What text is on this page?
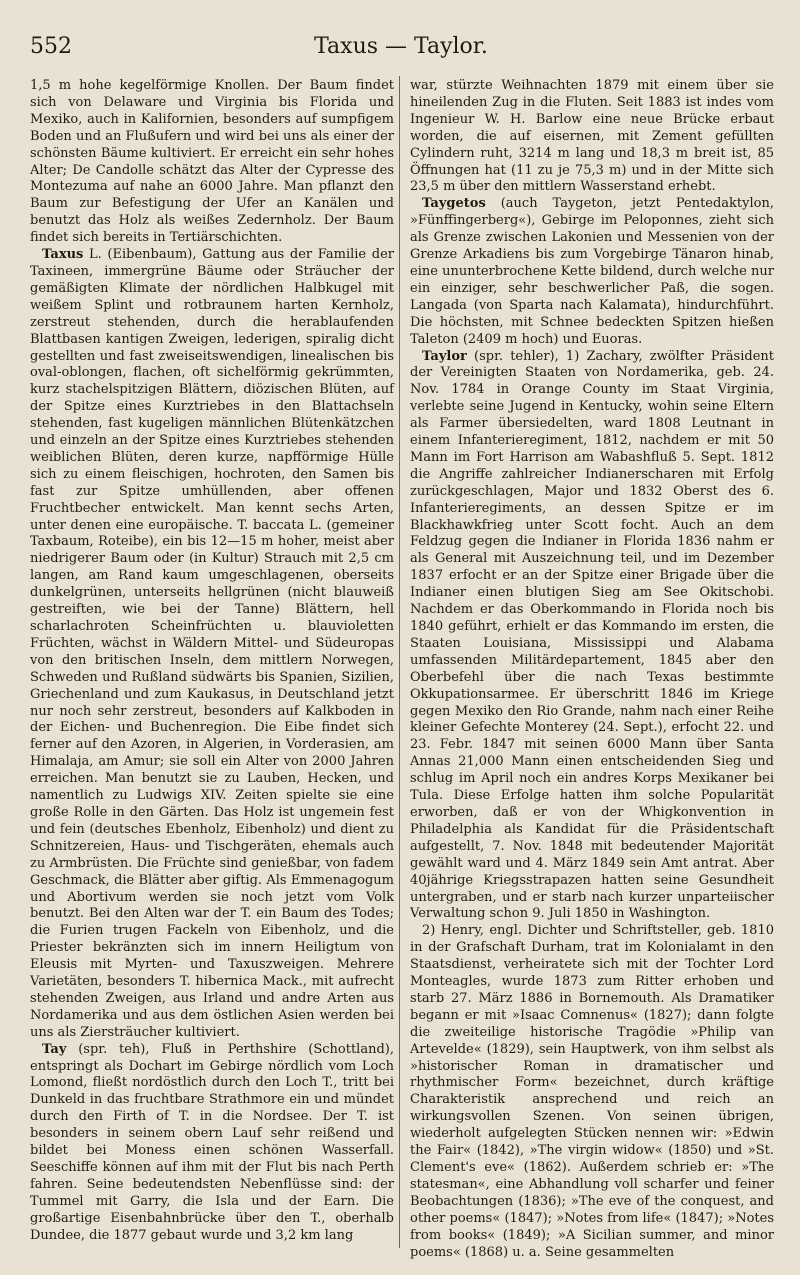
552	Taxus — Taylor.

1,5 m hohe kegelförmige Knollen. Der Baum findet sich von Delaware und Virginia bis Florida und Mexiko, auch in Kalifornien, besonders auf sumpfigem Boden und an Flußufern und wird bei uns als einer der schönsten Bäume kultiviert. Er erreicht ein sehr hohes Alter; De Candolle schätzt das Alter der Cypresse des Montezuma auf nahe an 6000 Jahre. Man pflanzt den Baum zur Befestigung der Ufer an Kanälen und benutzt das Holz als weißes Zedernholz. Der Baum findet sich bereits in Tertiärschichten.

Taxus L. (Eibenbaum), Gattung aus der Familie der Taxineen, immergrüne Bäume oder Sträucher der gemäßigten Klimate der nördlichen Halbkugel mit weißem Splint und rotbraunem harten Kernholz, zerstreut stehenden, durch die herablaufenden Blattbasen kantigen Zweigen, lederigen, spiralig dicht gestellten und fast zweiseitswendigen, linealischen bis oval-oblongen, flachen, oft sichelförmig gekrümmten, kurz stachelspitzigen Blättern, diözischen Blüten, auf der Spitze eines Kurztriebes in den Blattachseln stehenden, fast kugeligen männlichen Blütenkätzchen und einzeln an der Spitze eines Kurztriebes stehenden weiblichen Blüten, deren kurze, napfförmige Hülle sich zu einem fleischigen, hochroten, den Samen bis fast zur Spitze umhüllenden, aber offenen Fruchtbecher entwickelt. Man kennt sechs Arten, unter denen eine europäische. T. baccata L. (gemeiner Taxbaum, Roteibe), ein bis 12—15 m hoher, meist aber niedrigerer Baum oder (in Kultur) Strauch mit 2,5 cm langen, am Rand kaum umgeschlagenen, oberseits dunkelgrünen, unterseits hellgrünen (nicht blauweiß gestreiften, wie bei der Tanne) Blättern, hell scharlachroten Scheinfrüchten u. blauvioletten Früchten, wächst in Wäldern Mittel- und Südeuropas von den britischen Inseln, dem mittlern Norwegen, Schweden und Rußland südwärts bis Spanien, Sizilien, Griechenland und zum Kaukasus, in Deutschland jetzt nur noch sehr zerstreut, besonders auf Kalkboden in der Eichen- und Buchenregion. Die Eibe findet sich ferner auf den Azoren, in Algerien, in Vorderasien, am Himalaja, am Amur; sie soll ein Alter von 2000 Jahren erreichen. Man benutzt sie zu Lauben, Hecken, und namentlich zu Ludwigs XIV. Zeiten spielte sie eine große Rolle in den Gärten. Das Holz ist ungemein fest und fein (deutsches Ebenholz, Eibenholz) und dient zu Schnitzereien, Haus- und Tischgeräten, ehemals auch zu Armbrüsten. Die Früchte sind genießbar, von fadem Geschmack, die Blätter aber giftig. Als Emmenagogum und Abortivum werden sie noch jetzt vom Volk benutzt. Bei den Alten war der T. ein Baum des Todes; die Furien trugen Fackeln von Eibenholz, und die Priester bekränzten sich im innern Heiligtum von Eleusis mit Myrten- und Taxuszweigen. Mehrere Varietäten, besonders T. hibernica Mack., mit aufrecht stehenden Zweigen, aus Irland und andre Arten aus Nordamerika und aus dem östlichen Asien werden bei uns als Ziersträucher kultiviert.

Tay (spr. teh), Fluß in Perthshire (Schottland), entspringt als Dochart im Gebirge nördlich vom Loch Lomond, fließt nordöstlich durch den Loch T., tritt bei Dunkeld in das fruchtbare Strathmore ein und mündet durch den Firth of T. in die Nordsee. Der T. ist besonders in seinem obern Lauf sehr reißend und bildet bei Moness einen schönen Wasserfall. Seeschiffe können auf ihm mit der Flut bis nach Perth fahren. Seine bedeutendsten Nebenflüsse sind: der Tummel mit Garry, die Isla und der Earn. Die großartige Eisenbahnbrücke über den T., oberhalb Dundee, die 1877 gebaut wurde und 3,2 km lang

war, stürzte Weihnachten 1879 mit einem über sie hineilenden Zug in die Fluten. Seit 1883 ist indes vom Ingenieur W. H. Barlow eine neue Brücke erbaut worden, die auf eisernen, mit Zement gefüllten Cylindern ruht, 3214 m lang und 18,3 m breit ist, 85 Öffnungen hat (11 zu je 75,3 m) und in der Mitte sich 23,5 m über den mittlern Wasserstand erhebt.

Taygetos (auch Taygeton, jetzt Pentedaktylon, »Fünffingerberg«), Gebirge im Peloponnes, zieht sich als Grenze zwischen Lakonien und Messenien von der Grenze Arkadiens bis zum Vorgebirge Tänaron hinab, eine ununterbrochene Kette bildend, durch welche nur ein einziger, sehr beschwerlicher Paß, die sogen. Langada (von Sparta nach Kalamata), hindurchführt. Die höchsten, mit Schnee bedeckten Spitzen hießen Taleton (2409 m hoch) und Euoras.

Taylor (spr. tehler), 1) Zachary, zwölfter Präsident der Vereinigten Staaten von Nordamerika, geb. 24. Nov. 1784 in Orange County im Staat Virginia, verlebte seine Jugend in Kentucky, wohin seine Eltern als Farmer übersiedelten, ward 1808 Leutnant in einem Infanterieregiment, 1812, nachdem er mit 50 Mann im Fort Harrison am Wabashfluß 5. Sept. 1812 die Angriffe zahlreicher Indianerscharen mit Erfolg zurückgeschlagen, Major und 1832 Oberst des 6. Infanterieregiments, an dessen Spitze er im Blackhawkfrieg unter Scott focht. Auch an dem Feldzug gegen die Indianer in Florida 1836 nahm er als General mit Auszeichnung teil, und im Dezember 1837 erfocht er an der Spitze einer Brigade über die Indianer einen blutigen Sieg am See Okitschobi. Nachdem er das Oberkommando in Florida noch bis 1840 geführt, erhielt er das Kommando im ersten, die Staaten Louisiana, Mississippi und Alabama umfassenden Militärdepartement, 1845 aber den Oberbefehl über die nach Texas bestimmte Okkupationsarmee. Er überschritt 1846 im Kriege gegen Mexiko den Rio Grande, nahm nach einer Reihe kleiner Gefechte Monterey (24. Sept.), erfocht 22. und 23. Febr. 1847 mit seinen 6000 Mann über Santa Annas 21,000 Mann einen entscheidenden Sieg und schlug im April noch ein andres Korps Mexikaner bei Tula. Diese Erfolge hatten ihm solche Popularität erworben, daß er von der Whigkonvention in Philadelphia als Kandidat für die Präsidentschaft aufgestellt, 7. Nov. 1848 mit bedeutender Majorität gewählt ward und 4. März 1849 sein Amt antrat. Aber 40jährige Kriegsstrapazen hatten seine Gesundheit untergraben, und er starb nach kurzer unparteiischer Verwaltung schon 9. Juli 1850 in Washington.

2) Henry, engl. Dichter und Schriftsteller, geb. 1810 in der Grafschaft Durham, trat im Kolonialamt in den Staatsdienst, verheiratete sich mit der Tochter Lord Monteagles, wurde 1873 zum Ritter erhoben und starb 27. März 1886 in Bornemouth. Als Dramatiker begann er mit »Isaac Comnenus« (1827); dann folgte die zweiteilige historische Tragödie »Philip van Artevelde« (1829), sein Hauptwerk, von ihm selbst als »historischer Roman in dramatischer und rhythmischer Form« bezeichnet, durch kräftige Charakteristik ansprechend und reich an wirkungsvollen Szenen. Von seinen übrigen, wiederholt aufgelegten Stücken nennen wir: »Edwin the Fair« (1842), »The virgin widow« (1850) und »St. Clement's eve« (1862). Außerdem schrieb er: »The statesman«, eine Abhandlung voll scharfer und feiner Beobachtungen (1836); »The eve of the conquest, and other poems« (1847); »Notes from life« (1847); »Notes from books« (1849); »A Sicilian summer, and minor poems« (1868) u. a. Seine gesammelten
